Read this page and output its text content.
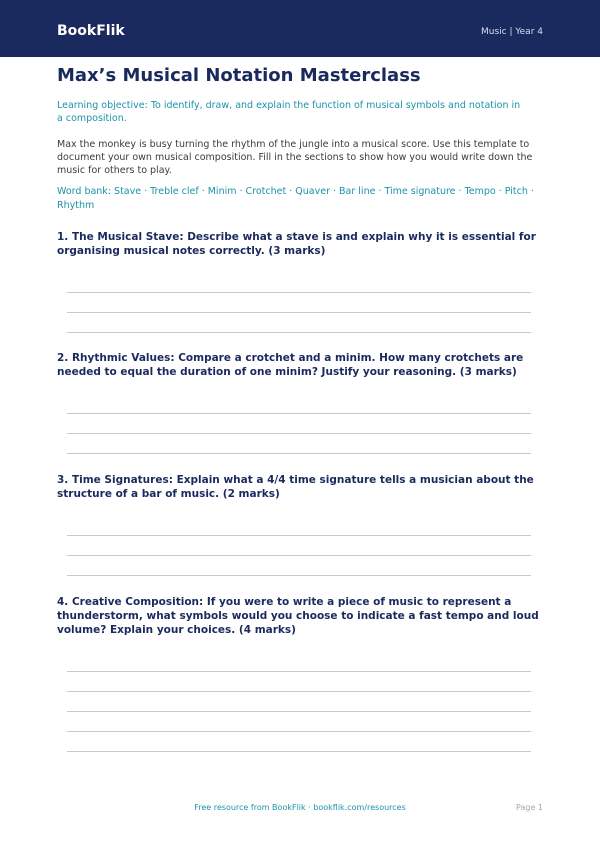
BookFlik	Music | Year 4
Max’s Musical Notation Masterclass

Learning objective: To identify, draw, and explain the function of musical symbols and notation in a composition.

Max the monkey is busy turning the rhythm of the jungle into a musical score. Use this template to document your own musical composition. Fill in the sections to show how you would write down the music for others to play.

Word bank: Stave · Treble clef · Minim · Crotchet · Quaver · Bar line · Time signature · Tempo · Pitch · Rhythm

1. The Musical Stave: Describe what a stave is and explain why it is essential for organising musical notes correctly. (3 marks)

2. Rhythmic Values: Compare a crotchet and a minim. How many crotchets are needed to equal the duration of one minim? Justify your reasoning. (3 marks)

3. Time Signatures: Explain what a 4/4 time signature tells a musician about the structure of a bar of music. (2 marks)

4. Creative Composition: If you were to write a piece of music to represent a thunderstorm, what symbols would you choose to indicate a fast tempo and loud volume? Explain your choices. (4 marks)

Free resource from BookFlik · bookflik.com/resources	Page 1
